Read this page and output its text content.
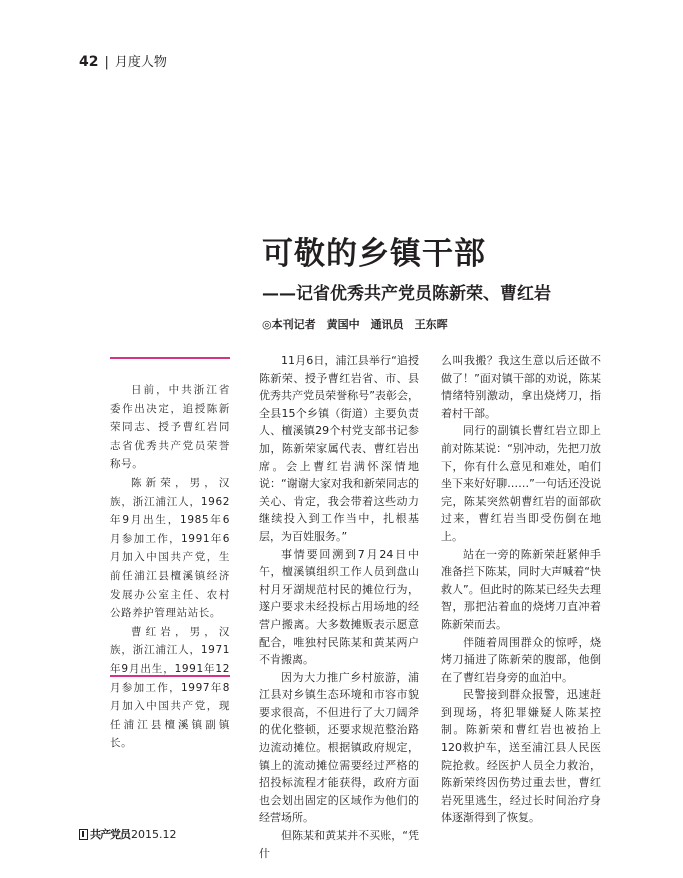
42 | 月度人物
可敬的乡镇干部
——记省优秀共产党员陈新荣、曹红岩
◎本刊记者　黄国中　通讯员　王东晖

日前，中共浙江省委作出决定，追授陈新荣同志、授予曹红岩同志省优秀共产党员荣誉称号。

陈新荣，男，汉族，浙江浦江人，1962年9月出生，1985年6月参加工作，1991年6月加入中国共产党，生前任浦江县檀溪镇经济发展办公室主任、农村公路养护管理站站长。

曹红岩，男，汉族，浙江浦江人，1971年9月出生，1991年12月参加工作，1997年8月加入中国共产党，现任浦江县檀溪镇副镇长。

11月6日，浦江县举行“追授陈新荣、授予曹红岩省、市、县优秀共产党员荣誉称号”表彰会，全县15个乡镇（街道）主要负责人、檀溪镇29个村党支部书记参加，陈新荣家属代表、曹红岩出席。会上曹红岩满怀深情地说：“谢谢大家对我和新荣同志的关心、肯定，我会带着这些动力继续投入到工作当中，扎根基层，为百姓服务。”

事情要回溯到7月24日中午，檀溪镇组织工作人员到盘山村月牙湖规范村民的摊位行为，遂户要求未经投标占用场地的经营户搬离。大多数摊贩表示愿意配合，唯独村民陈某和黄某两户不肯搬离。

因为大力推广乡村旅游，浦江县对乡镇生态环境和市容市貌要求很高，不但进行了大刀阔斧的优化整顿，还要求规范整治路边流动摊位。根据镇政府规定，镇上的流动摊位需要经过严格的招投标流程才能获得，政府方面也会划出固定的区域作为他们的经营场所。

但陈某和黄某并不买账，“凭什

么叫我搬？我这生意以后还做不做了！”面对镇干部的劝说，陈某情绪特别激动，拿出烧烤刀，指着村干部。

同行的副镇长曹红岩立即上前对陈某说：“别冲动，先把刀放下，你有什么意见和难处，咱们坐下来好好聊……”一句话还没说完，陈某突然朝曹红岩的面部砍过来，曹红岩当即受伤倒在地上。

站在一旁的陈新荣赶紧伸手准备拦下陈某，同时大声喊着“快救人”。但此时的陈某已经失去理智，那把沾着血的烧烤刀直冲着陈新荣而去。

伴随着周围群众的惊呼，烧烤刀捅进了陈新荣的腹部，他倒在了曹红岩身旁的血泊中。

民警接到群众报警，迅速赶到现场，将犯罪嫌疑人陈某控制。陈新荣和曹红岩也被抬上120救护车，送至浦江县人民医院抢救。经医护人员全力救治，陈新荣终因伤势过重去世，曹红岩死里逃生，经过长时间治疗身体逐渐得到了恢复。

共产党员 2015.12
